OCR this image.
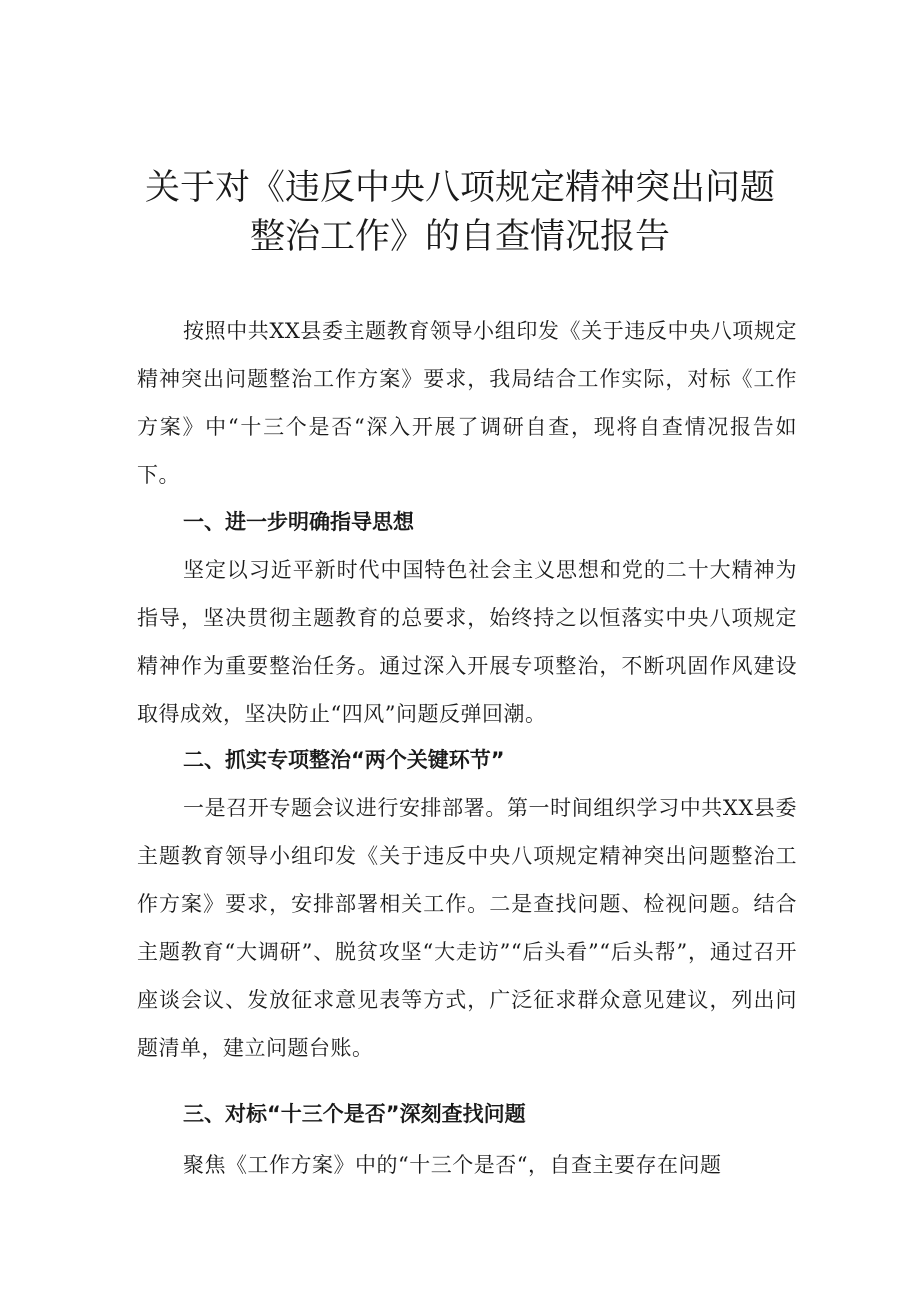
关于对《违反中央八项规定精神突出问题
整治工作》的自查情况报告

按照中共XX县委主题教育领导小组印发《关于违反中央八项规定精神突出问题整治工作方案》要求，我局结合工作实际，对标《工作方案》中“十三个是否“深入开展了调研自查，现将自查情况报告如下。

一、进一步明确指导思想

坚定以习近平新时代中国特色社会主义思想和党的二十大精神为指导，坚决贯彻主题教育的总要求，始终持之以恒落实中央八项规定精神作为重要整治任务。通过深入开展专项整治，不断巩固作风建设取得成效，坚决防止“四风”问题反弹回潮。

二、抓实专项整治“两个关键环节”

一是召开专题会议进行安排部署。第一时间组织学习中共XX县委主题教育领导小组印发《关于违反中央八项规定精神突出问题整治工作方案》要求，安排部署相关工作。二是查找问题、检视问题。结合主题教育“大调研”、脱贫攻坚“大走访”“后头看”“后头帮”，通过召开座谈会议、发放征求意见表等方式，广泛征求群众意见建议，列出问题清单，建立问题台账。

三、对标“十三个是否”深刻查找问题

聚焦《工作方案》中的“十三个是否“，自查主要存在问题
